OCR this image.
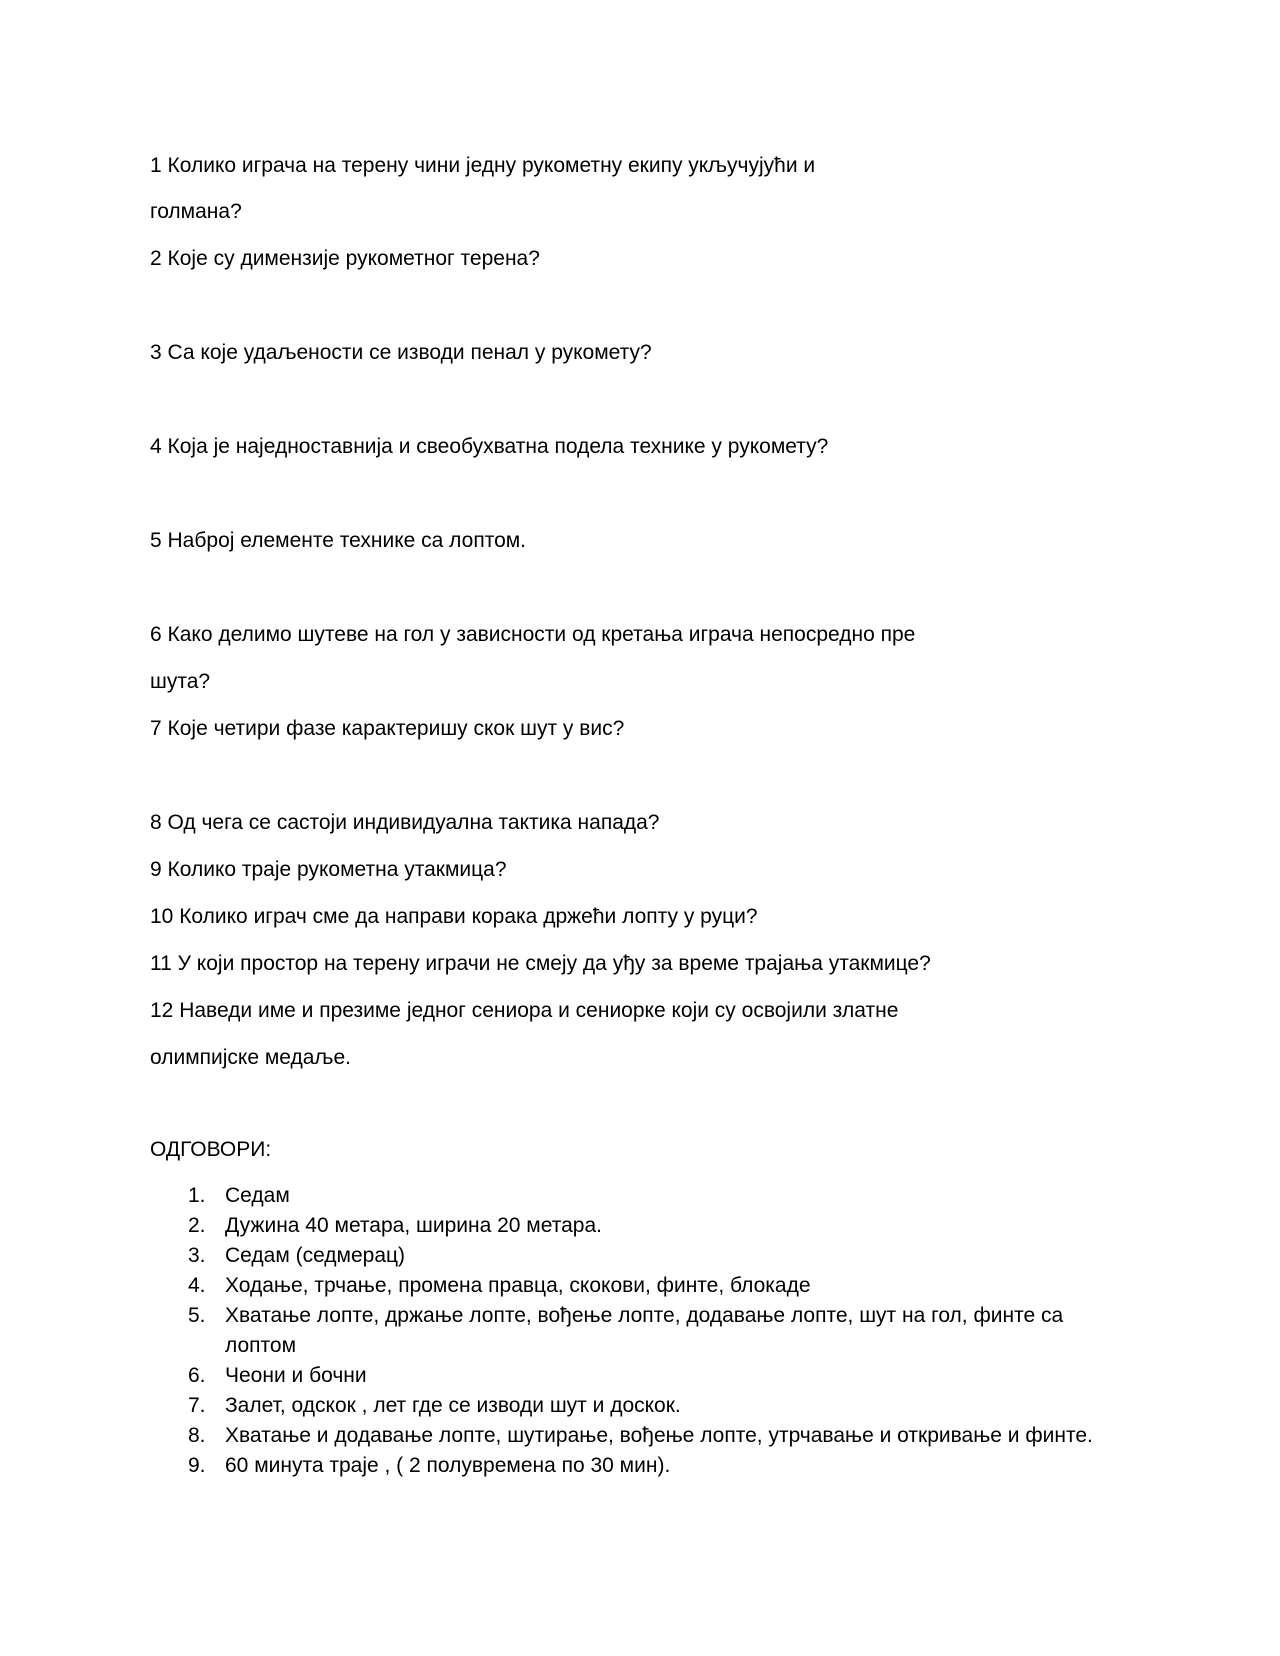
1 Колико играча на терену чини једну рукометну екипу укључујући и
голмана?
2 Које су димензије рукометног терена?
3 Са које удаљености се изводи пенал у рукомету?
4 Која је наједноставнија и свеобухватна подела технике у рукомету?
5 Наброј елементе технике са лоптом.
6 Како делимо шутеве на гол у зависности од кретања играча непосредно пре
шута?
7 Које четири фазе карактеришу скок шут у вис?
8 Од чега се састоји индивидуална тактика напада?
9 Колико траје рукометна утакмица?
10 Колико играч сме да направи корака држећи лопту у руци?
11 У који простор на терену играчи не смеју да уђу за време трајања утакмице?
12 Наведи име и презиме једног сениора и сениорке који су освојили златне
олимпијске медаље.
ОДГОВОРИ:
1. Седам
2. Дужина 40 метара, ширина 20 метара.
3. Седам (седмерац)
4. Ходање, трчање, промена правца, скокови, финте, блокаде
5. Хватање лопте, држање лопте, вођење лопте, додавање лопте, шут на гол, финте са лоптом
6. Чеони и бочни
7. Залет, одскок , лет где се изводи шут и доскок.
8. Хватање и додавање лопте, шутирање, вођење лопте, утрчавање и откривање и финте.
9. 60 минута траје , ( 2 полувремена по 30 мин).
